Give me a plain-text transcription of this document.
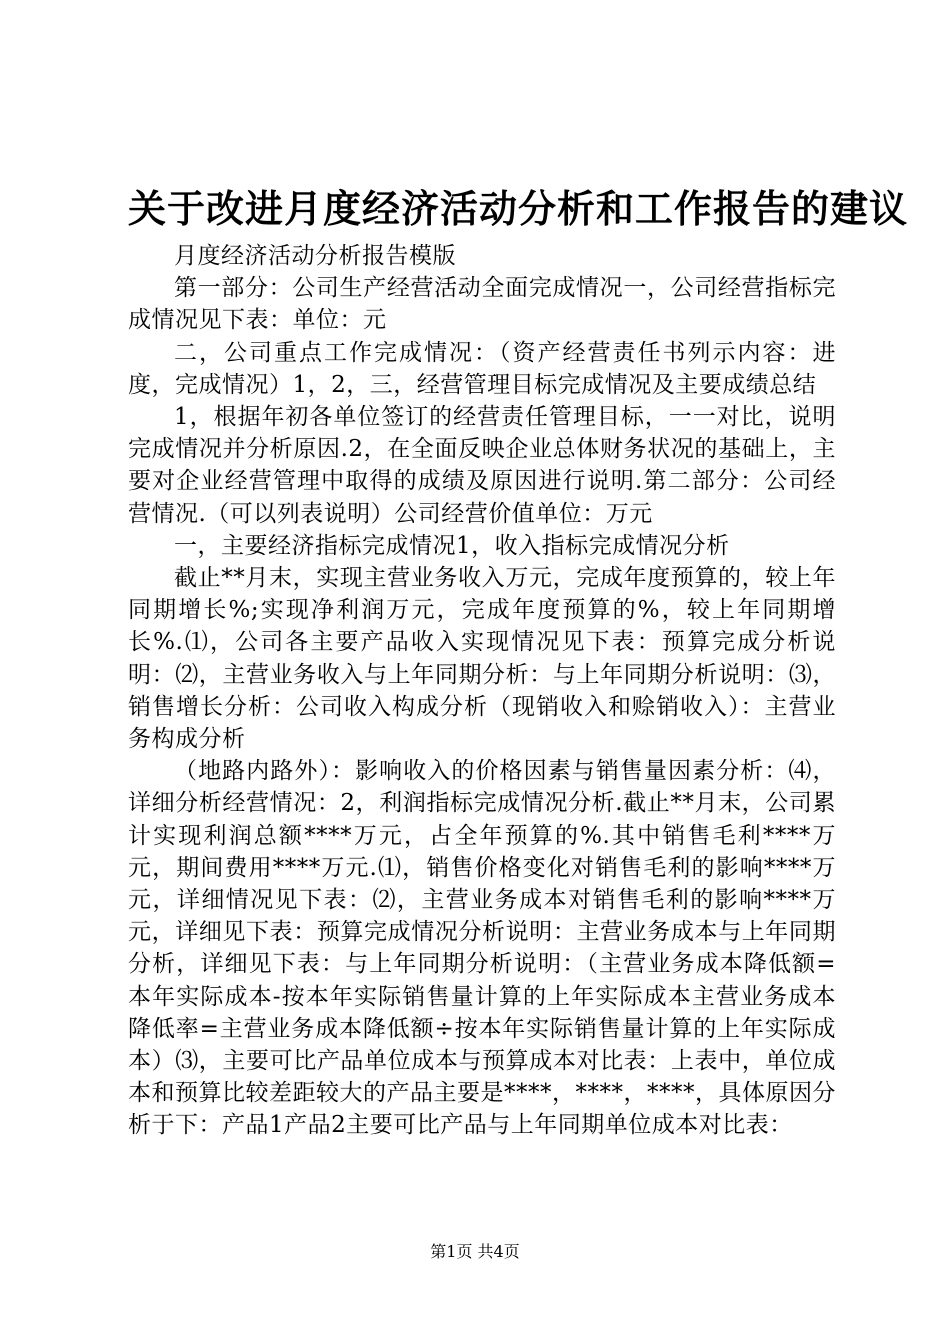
关于改进月度经济活动分析和工作报告的建议

月度经济活动分析报告模版

第一部分：公司生产经营活动全面完成情况一，公司经营指标完成情况见下表：单位：元

二，公司重点工作完成情况：（资产经营责任书列示内容：进度，完成情况）1，2，三，经营管理目标完成情况及主要成绩总结

1，根据年初各单位签订的经营责任管理目标，一一对比，说明完成情况并分析原因.2，在全面反映企业总体财务状况的基础上，主要对企业经营管理中取得的成绩及原因进行说明.第二部分：公司经营情况.（可以列表说明）公司经营价值单位：万元

一，主要经济指标完成情况1，收入指标完成情况分析

截止**月末，实现主营业务收入万元，完成年度预算的，较上年同期增长%;实现净利润万元，完成年度预算的%，较上年同期增长%.⑴，公司各主要产品收入实现情况见下表：预算完成分析说明：⑵，主营业务收入与上年同期分析：与上年同期分析说明：⑶，销售增长分析：公司收入构成分析（现销收入和赊销收入）：主营业务构成分析

（地路内路外）：影响收入的价格因素与销售量因素分析：⑷，详细分析经营情况：2，利润指标完成情况分析.截止**月末，公司累计实现利润总额****万元，占全年预算的%.其中销售毛利****万元，期间费用****万元.⑴，销售价格变化对销售毛利的影响****万元，详细情况见下表：⑵，主营业务成本对销售毛利的影响****万元，详细见下表：预算完成情况分析说明：主营业务成本与上年同期分析，详细见下表：与上年同期分析说明：（主营业务成本降低额=本年实际成本-按本年实际销售量计算的上年实际成本主营业务成本降低率=主营业务成本降低额÷按本年实际销售量计算的上年实际成本）⑶，主要可比产品单位成本与预算成本对比表：上表中，单位成本和预算比较差距较大的产品主要是****，****，****，具体原因分析于下：产品1产品2主要可比产品与上年同期单位成本对比表：

第1页 共4页
